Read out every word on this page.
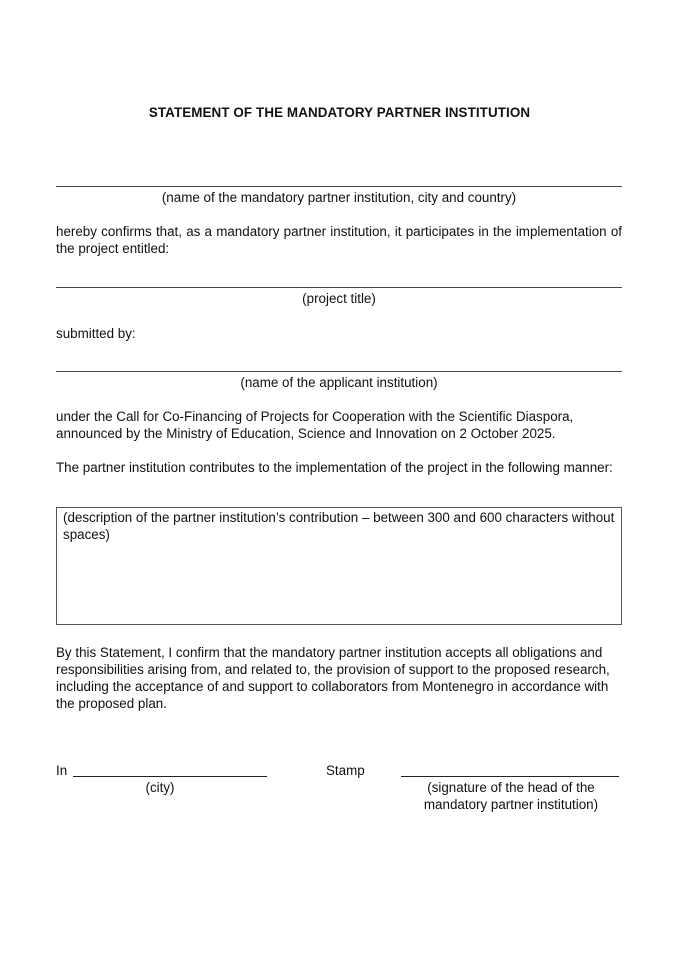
STATEMENT OF THE MANDATORY PARTNER INSTITUTION
(name of the mandatory partner institution, city and country)
hereby confirms that, as a mandatory partner institution, it participates in the implementation of the project entitled:
(project title)
submitted by:
(name of the applicant institution)
under the Call for Co-Financing of Projects for Cooperation with the Scientific Diaspora,
announced by the Ministry of Education, Science and Innovation on 2 October 2025.
The partner institution contributes to the implementation of the project in the following manner:
(description of the partner institution’s contribution – between 300 and 600 characters without spaces)
By this Statement, I confirm that the mandatory partner institution accepts all obligations and responsibilities arising from, and related to, the provision of support to the proposed research, including the acceptance of and support to collaborators from Montenegro in accordance with the proposed plan.
In
(city)
Stamp
(signature of the head of the
mandatory partner institution)
